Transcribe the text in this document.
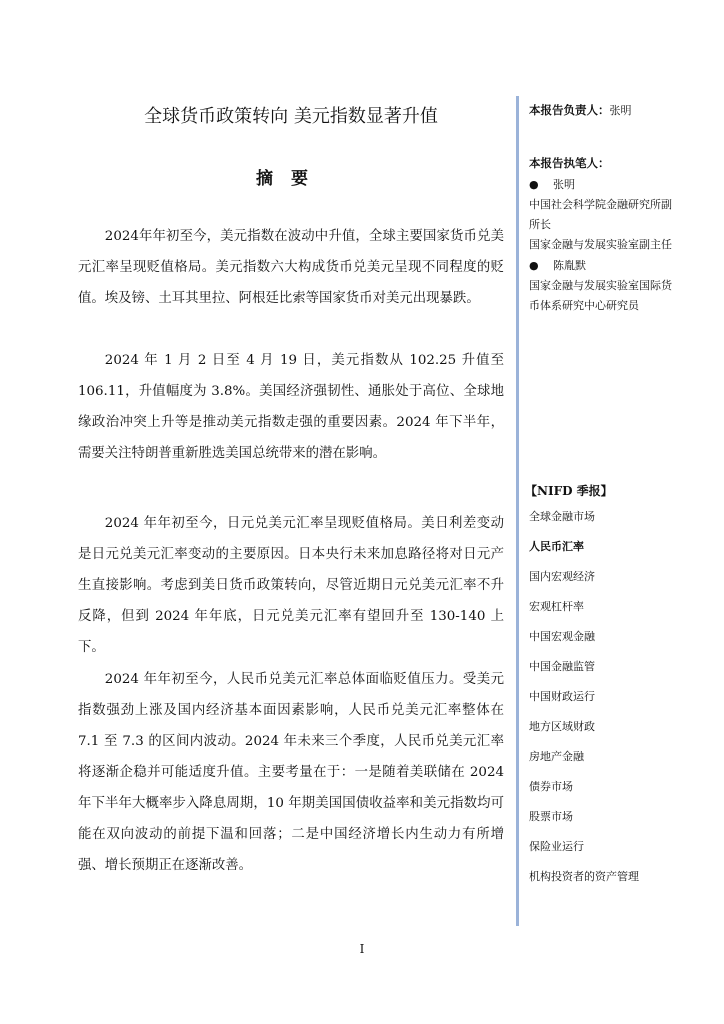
全球货币政策转向 美元指数显著升值
摘要

2024年年初至今，美元指数在波动中升值，全球主要国家货币兑美元汇率呈现贬值格局。美元指数六大构成货币兑美元呈现不同程度的贬值。埃及镑、土耳其里拉、阿根廷比索等国家货币对美元出现暴跌。

2024 年 1 月 2 日至 4 月 19 日，美元指数从 102.25 升值至 106.11，升值幅度为 3.8%。美国经济强韧性、通胀处于高位、全球地缘政治冲突上升等是推动美元指数走强的重要因素。2024 年下半年，需要关注特朗普重新胜选美国总统带来的潜在影响。

2024 年年初至今，日元兑美元汇率呈现贬值格局。美日利差变动是日元兑美元汇率变动的主要原因。日本央行未来加息路径将对日元产生直接影响。考虑到美日货币政策转向，尽管近期日元兑美元汇率不升反降，但到 2024 年年底，日元兑美元汇率有望回升至 130-140 上下。

2024 年年初至今，人民币兑美元汇率总体面临贬值压力。受美元指数强劲上涨及国内经济基本面因素影响，人民币兑美元汇率整体在 7.1 至 7.3 的区间内波动。2024 年未来三个季度，人民币兑美元汇率将逐渐企稳并可能适度升值。主要考量在于：一是随着美联储在 2024 年下半年大概率步入降息周期，10 年期美国国债收益率和美元指数均可能在双向波动的前提下温和回落；二是中国经济增长内生动力有所增强、增长预期正在逐渐改善。

本报告负责人：张明
本报告执笔人：
● 张明
中国社会科学院金融研究所副所长
国家金融与发展实验室副主任
● 陈胤默
国家金融与发展实验室国际货币体系研究中心研究员
【NIFD 季报】
全球金融市场
人民币汇率
国内宏观经济
宏观杠杆率
中国宏观金融
中国金融监管
中国财政运行
地方区域财政
房地产金融
债券市场
股票市场
保险业运行
机构投资者的资产管理
I
